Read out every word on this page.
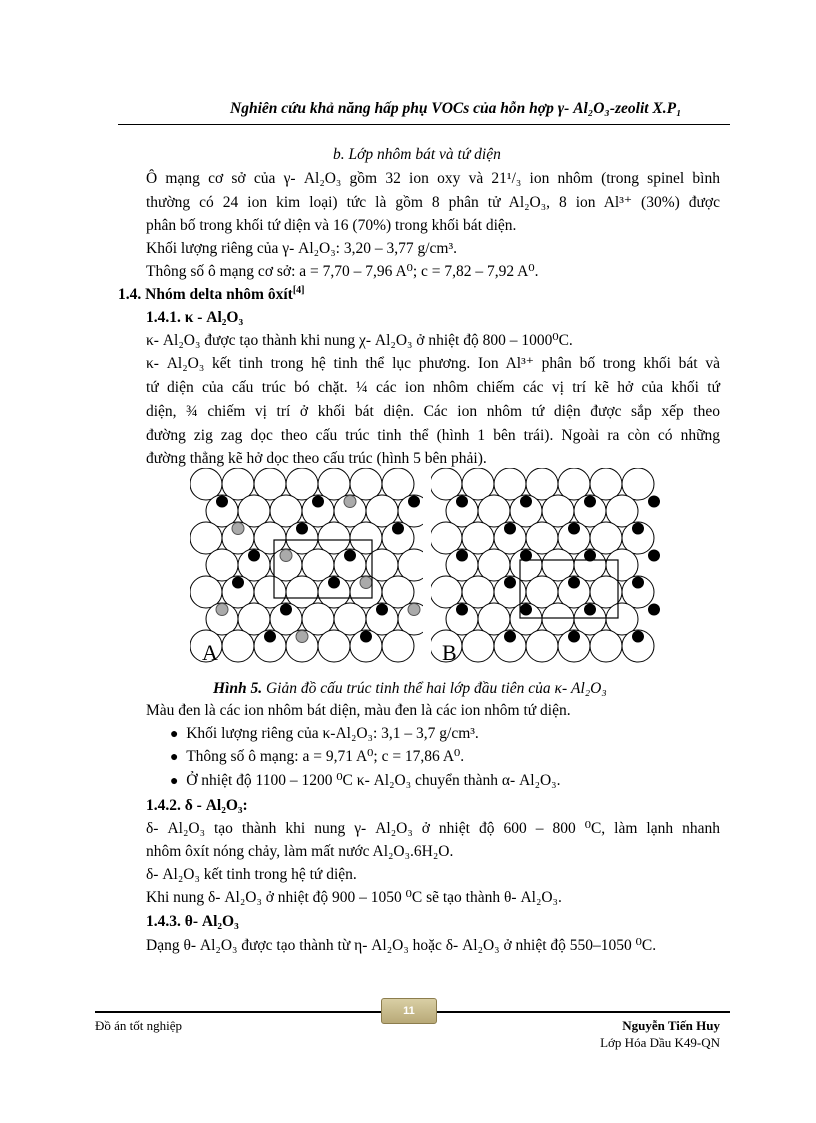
Nghiên cứu khả năng hấp phụ VOCs của hỗn hợp γ- Al₂O₃-zeolit X.P₁
b. Lớp nhôm bát và tứ diện
Ô mạng cơ sở của γ- Al₂O₃ gồm 32 ion oxy và 21¹/₃ ion nhôm (trong spinel bình
thường có 24 ion kim loại) tức là gồm 8 phân tử Al₂O₃, 8 ion Al³⁺ (30%) được
phân bố trong khối tứ diện và 16 (70%) trong khối bát diện.
Khối lượng riêng của γ- Al₂O₃: 3,20 – 3,77 g/cm³.
Thông số ô mạng cơ sở: a = 7,70 – 7,96 A⁰; c = 7,82 – 7,92 A⁰.
1.4. Nhóm delta nhôm ôxít[4]
1.4.1. κ - Al₂O₃
κ- Al₂O₃ được tạo thành khi nung χ- Al₂O₃ ở nhiệt độ 800 – 1000⁰C.
κ- Al₂O₃ kết tinh trong hệ tinh thể lục phương. Ion Al³⁺ phân bố trong khối bát và
tứ diện của cấu trúc bó chặt. ¼ các ion nhôm chiếm các vị trí kẽ hở của khối tứ
diện, ¾ chiếm vị trí ở khối bát diện. Các ion nhôm tứ diện được sắp xếp theo
đường zig zag dọc theo cấu trúc tinh thể (hình 1 bên trái). Ngoài ra còn có những
đường thẳng kẽ hở dọc theo cấu trúc (hình 5 bên phải).
A	B
Hình 5. Giản đồ cấu trúc tinh thể hai lớp đầu tiên của κ- Al₂O₃
Màu đen là các ion nhôm bát diện, màu đen là các ion nhôm tứ diện.
● Khối lượng riêng của κ-Al₂O₃: 3,1 – 3,7 g/cm³.
● Thông số ô mạng: a = 9,71 A⁰; c = 17,86 A⁰.
● Ở nhiệt độ 1100 – 1200 ⁰C κ- Al₂O₃ chuyển thành α- Al₂O₃.
1.4.2. δ - Al₂O₃:
δ- Al₂O₃ tạo thành khi nung γ- Al₂O₃ ở nhiệt độ 600 – 800 ⁰C, làm lạnh nhanh
nhôm ôxít nóng chảy, làm mất nước Al₂O₃.6H₂O.
δ- Al₂O₃ kết tinh trong hệ tứ diện.
Khi nung δ- Al₂O₃ ở nhiệt độ 900 – 1050 ⁰C sẽ tạo thành θ- Al₂O₃.
1.4.3. θ- Al₂O₃
Dạng θ- Al₂O₃ được tạo thành từ η- Al₂O₃ hoặc δ- Al₂O₃ ở nhiệt độ 550–1050 ⁰C.
11
Đồ án tốt nghiệp	Nguyễn Tiến Huy
Lớp Hóa Dầu K49-QN
